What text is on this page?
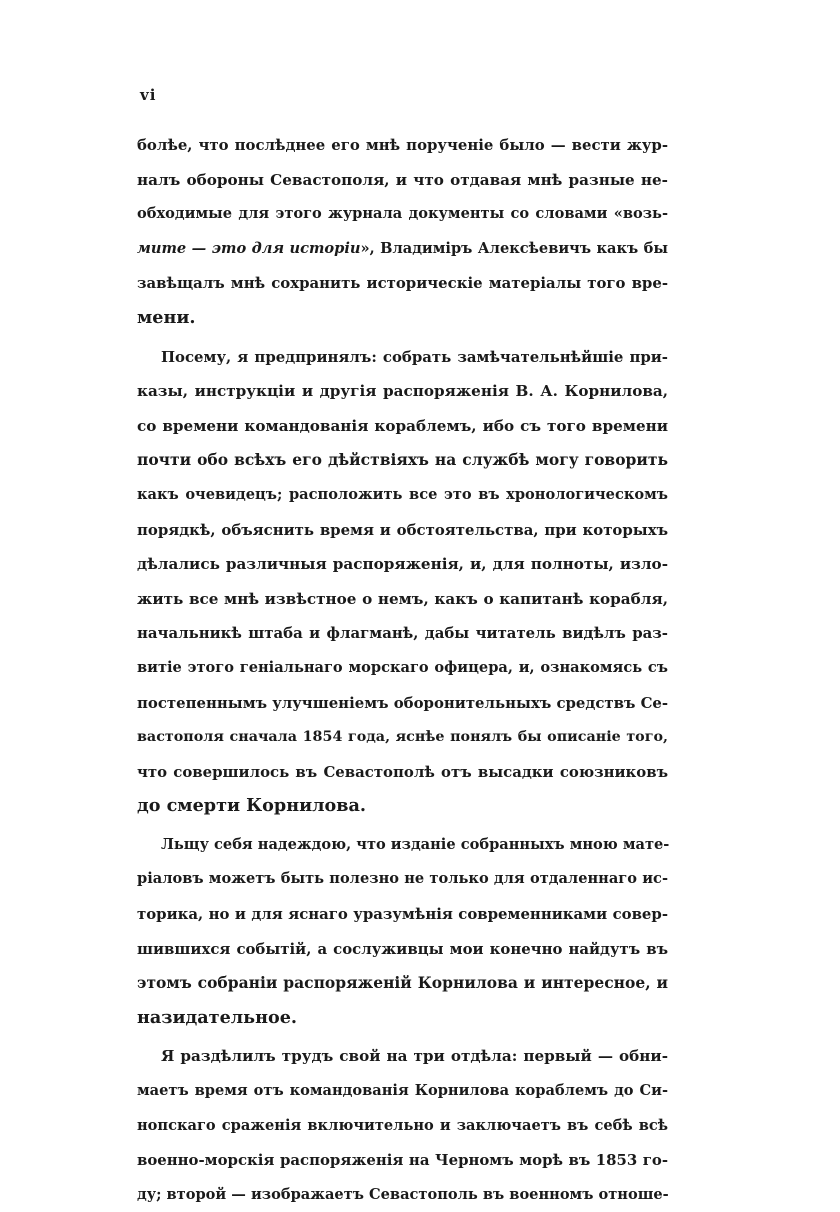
vi
болѣе, что послѣднее его мнѣ порученіе было — вести жур-
налъ обороны Севастополя, и что отдавая мнѣ разные не-
обходимые для этого журнала документы со словами «возь-
мите — это для исторіи», Владиміръ Алексѣевичъ какъ бы
завѣщалъ мнѣ сохранить историческіе матеріалы того вре-
мени.
Посему, я предпринялъ: собрать замѣчательнѣйшіе при-
казы, инструкціи и другія распоряженія В. А. Корнилова,
со времени командованія кораблемъ, ибо съ того времени
почти обо всѣхъ его дѣйствіяхъ на службѣ могу говорить
какъ очевидецъ; расположить все это въ хронологическомъ
порядкѣ, объяснить время и обстоятельства, при которыхъ
дѣлались различныя распоряженія, и, для полноты, изло-
жить все мнѣ извѣстное о немъ, какъ о капитанѣ корабля,
начальникѣ штаба и флагманѣ, дабы читатель видѣлъ раз-
витіе этого геніальнаго морскаго офицера, и, ознакомясь съ
постепеннымъ улучшеніемъ оборонительныхъ средствъ Се-
вастополя сначала 1854 года, яснѣе понялъ бы описаніе того,
что совершилось въ Севастополѣ отъ высадки союзниковъ
до смерти Корнилова.
Льщу себя надеждою, что изданіе собранныхъ мною мате-
ріаловъ можетъ быть полезно не только для отдаленнаго ис-
торика, но и для яснаго уразумѣнія современниками совер-
шившихся событій, а сослуживцы мои конечно найдутъ въ
этомъ собраніи распоряженій Корнилова и интересное, и
назидательное.
Я раздѣлилъ трудъ свой на три отдѣла: первый — обни-
маетъ время отъ командованія Корнилова кораблемъ до Си-
нопскаго сраженія включительно и заключаетъ въ себѣ всѣ
военно-морскія распоряженія на Черномъ морѣ въ 1853 го-
ду; второй — изображаетъ Севастополь въ военномъ отноше-
